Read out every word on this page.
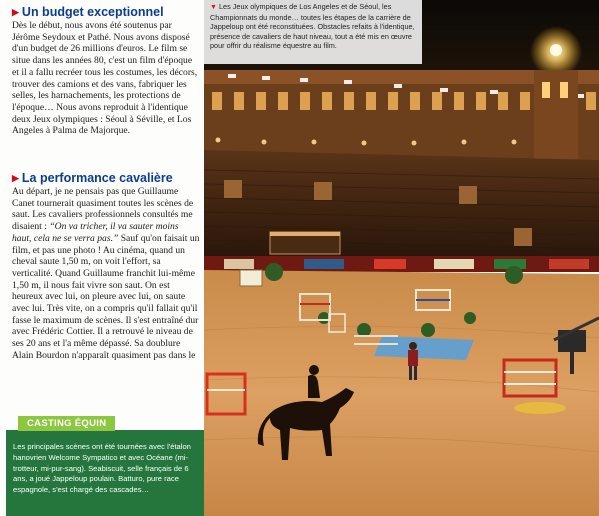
▶ Un budget exceptionnel
Dès le début, nous avons été soutenus par Jérôme Seydoux et Pathé. Nous avons disposé d'un budget de 26 millions d'euros. Le film se situe dans les années 80, c'est un film d'époque et il a fallu recréer tous les costumes, les décors, trouver des camions et des vans, fabriquer les selles, les harnachements, les protections de l'époque… Nous avons reproduit à l'identique deux Jeux olympiques : Séoul à Séville, et Los Angeles à Palma de Majorque.
▶ La performance cavalière
Au départ, je ne pensais pas que Guillaume Canet tournerait quasiment toutes les scènes de saut. Les cavaliers professionnels consultés me disaient : “On va tricher, il va sauter moins haut, cela ne se verra pas.” Sauf qu'on faisait un film, et pas une photo ! Au cinéma, quand un cheval saute 1,50 m, on voit l'effort, sa verticalité. Quand Guillaume franchit lui-même 1,50 m, il nous fait vivre son saut. On est heureux avec lui, on pleure avec lui, on saute avec lui. Très vite, on a compris qu'il fallait qu'il fasse le maximum de scènes. Il s'est entraîné dur avec Frédéric Cottier. Il a retrouvé le niveau de ses 20 ans et l'a même dépassé. Sa doublure Alain Bourdon n'apparaît quasiment pas dans le
CASTING ÉQUIN
Les principales scènes ont été tournées avec l'étalon hanovrien Welcome Sympatico et avec Océane (mi-trotteur, mi-pur-sang). Seabiscuit, selle français de 6 ans, a joué Jappeloup poulain. Batturo, pure race espagnole, s'est chargé des cascades…
▼ Les Jeux olympiques de Los Angeles et de Séoul, les Championnats du monde… toutes les étapes de la carrière de Jappeloup ont été reconstituées. Obstacles refaits à l'identique, présence de cavaliers de haut niveau, tout a été mis en œuvre pour offrir du réalisme équestre au film.
